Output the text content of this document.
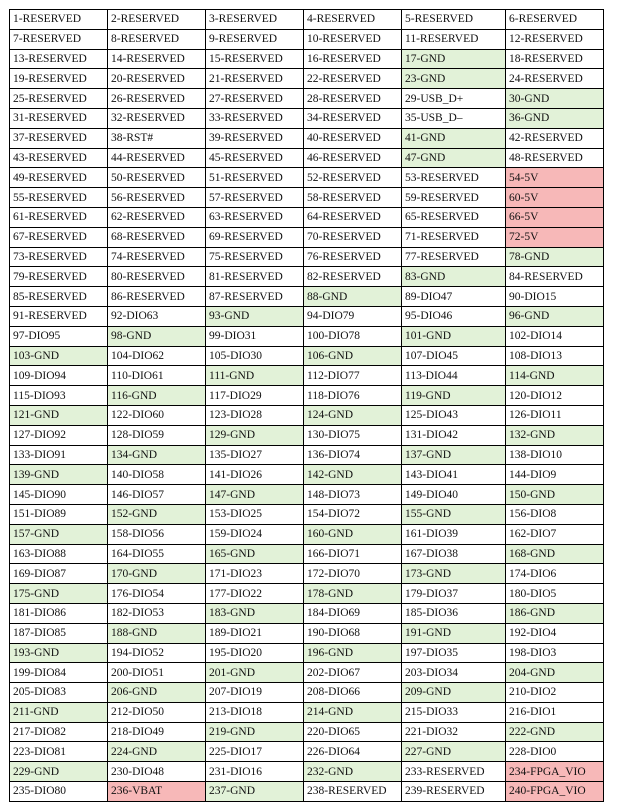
1-RESERVED	2-RESERVED	3-RESERVED	4-RESERVED	5-RESERVED	6-RESERVED
7-RESERVED	8-RESERVED	9-RESERVED	10-RESERVED	11-RESERVED	12-RESERVED
13-RESERVED	14-RESERVED	15-RESERVED	16-RESERVED	17-GND	18-RESERVED
19-RESERVED	20-RESERVED	21-RESERVED	22-RESERVED	23-GND	24-RESERVED
25-RESERVED	26-RESERVED	27-RESERVED	28-RESERVED	29-USB_D+	30-GND
31-RESERVED	32-RESERVED	33-RESERVED	34-RESERVED	35-USB_D–	36-GND
37-RESERVED	38-RST#	39-RESERVED	40-RESERVED	41-GND	42-RESERVED
43-RESERVED	44-RESERVED	45-RESERVED	46-RESERVED	47-GND	48-RESERVED
49-RESERVED	50-RESERVED	51-RESERVED	52-RESERVED	53-RESERVED	54-5V
55-RESERVED	56-RESERVED	57-RESERVED	58-RESERVED	59-RESERVED	60-5V
61-RESERVED	62-RESERVED	63-RESERVED	64-RESERVED	65-RESERVED	66-5V
67-RESERVED	68-RESERVED	69-RESERVED	70-RESERVED	71-RESERVED	72-5V
73-RESERVED	74-RESERVED	75-RESERVED	76-RESERVED	77-RESERVED	78-GND
79-RESERVED	80-RESERVED	81-RESERVED	82-RESERVED	83-GND	84-RESERVED
85-RESERVED	86-RESERVED	87-RESERVED	88-GND	89-DIO47	90-DIO15
91-RESERVED	92-DIO63	93-GND	94-DIO79	95-DIO46	96-GND
97-DIO95	98-GND	99-DIO31	100-DIO78	101-GND	102-DIO14
103-GND	104-DIO62	105-DIO30	106-GND	107-DIO45	108-DIO13
109-DIO94	110-DIO61	111-GND	112-DIO77	113-DIO44	114-GND
115-DIO93	116-GND	117-DIO29	118-DIO76	119-GND	120-DIO12
121-GND	122-DIO60	123-DIO28	124-GND	125-DIO43	126-DIO11
127-DIO92	128-DIO59	129-GND	130-DIO75	131-DIO42	132-GND
133-DIO91	134-GND	135-DIO27	136-DIO74	137-GND	138-DIO10
139-GND	140-DIO58	141-DIO26	142-GND	143-DIO41	144-DIO9
145-DIO90	146-DIO57	147-GND	148-DIO73	149-DIO40	150-GND
151-DIO89	152-GND	153-DIO25	154-DIO72	155-GND	156-DIO8
157-GND	158-DIO56	159-DIO24	160-GND	161-DIO39	162-DIO7
163-DIO88	164-DIO55	165-GND	166-DIO71	167-DIO38	168-GND
169-DIO87	170-GND	171-DIO23	172-DIO70	173-GND	174-DIO6
175-GND	176-DIO54	177-DIO22	178-GND	179-DIO37	180-DIO5
181-DIO86	182-DIO53	183-GND	184-DIO69	185-DIO36	186-GND
187-DIO85	188-GND	189-DIO21	190-DIO68	191-GND	192-DIO4
193-GND	194-DIO52	195-DIO20	196-GND	197-DIO35	198-DIO3
199-DIO84	200-DIO51	201-GND	202-DIO67	203-DIO34	204-GND
205-DIO83	206-GND	207-DIO19	208-DIO66	209-GND	210-DIO2
211-GND	212-DIO50	213-DIO18	214-GND	215-DIO33	216-DIO1
217-DIO82	218-DIO49	219-GND	220-DIO65	221-DIO32	222-GND
223-DIO81	224-GND	225-DIO17	226-DIO64	227-GND	228-DIO0
229-GND	230-DIO48	231-DIO16	232-GND	233-RESERVED	234-FPGA_VIO
235-DIO80	236-VBAT	237-GND	238-RESERVED	239-RESERVED	240-FPGA_VIO
